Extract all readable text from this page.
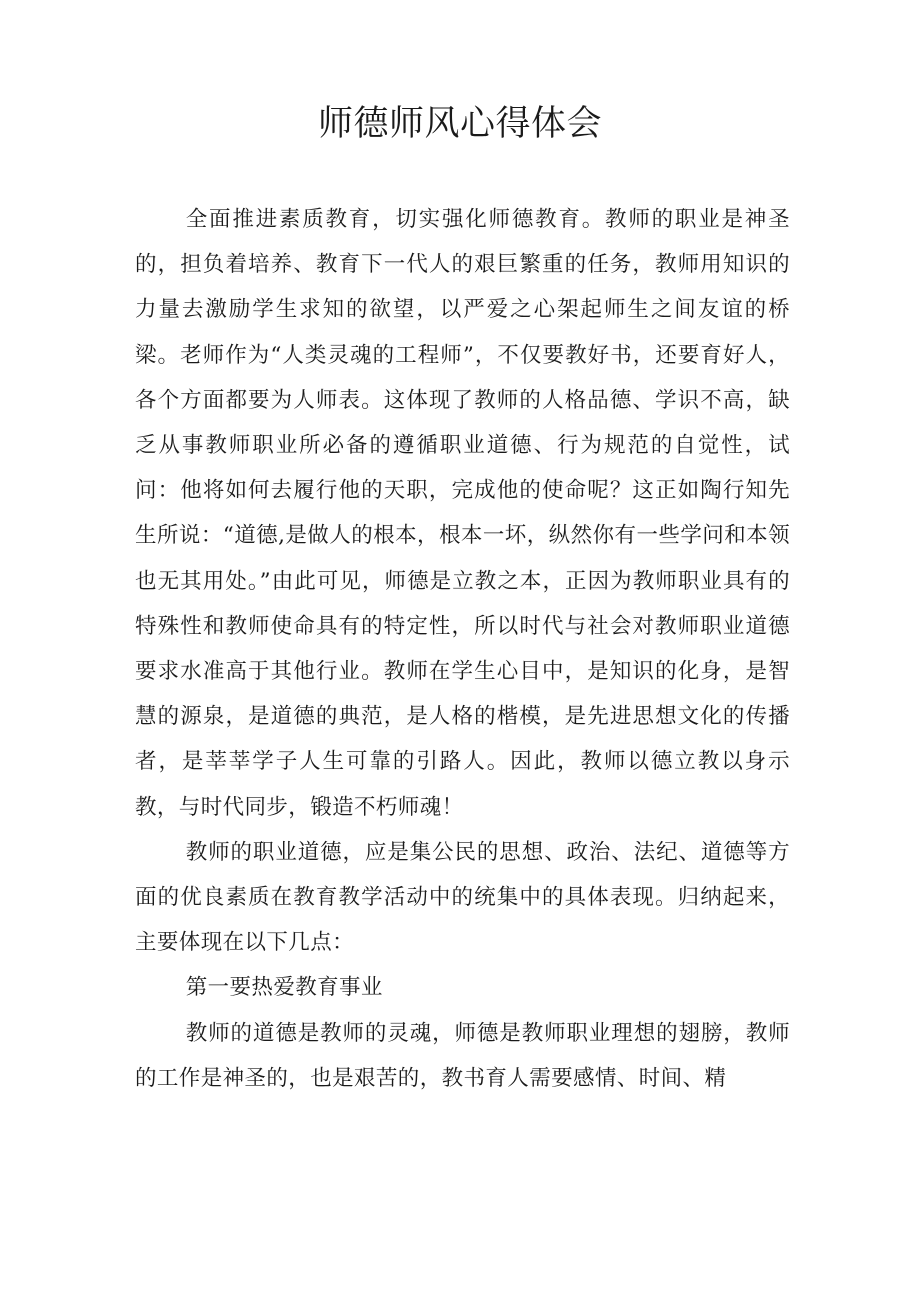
师德师风心得体会

全面推进素质教育，切实强化师德教育。教师的职业是神圣的，担负着培养、教育下一代人的艰巨繁重的任务，教师用知识的力量去激励学生求知的欲望，以严爱之心架起师生之间友谊的桥梁。老师作为“人类灵魂的工程师”，不仅要教好书，还要育好人，各个方面都要为人师表。这体现了教师的人格品德、学识不高，缺乏从事教师职业所必备的遵循职业道德、行为规范的自觉性，试问：他将如何去履行他的天职，完成他的使命呢？这正如陶行知先生所说：“道德,是做人的根本，根本一坏，纵然你有一些学问和本领也无其用处。”由此可见，师德是立教之本，正因为教师职业具有的特殊性和教师使命具有的特定性，所以时代与社会对教师职业道德要求水准高于其他行业。教师在学生心目中，是知识的化身，是智慧的源泉，是道德的典范，是人格的楷模，是先进思想文化的传播者，是莘莘学子人生可靠的引路人。因此，教师以德立教以身示教，与时代同步，锻造不朽师魂！

教师的职业道德，应是集公民的思想、政治、法纪、道德等方面的优良素质在教育教学活动中的统集中的具体表现。归纳起来，主要体现在以下几点：

第一要热爱教育事业

教师的道德是教师的灵魂，师德是教师职业理想的翅膀，教师的工作是神圣的，也是艰苦的，教书育人需要感情、时间、精
